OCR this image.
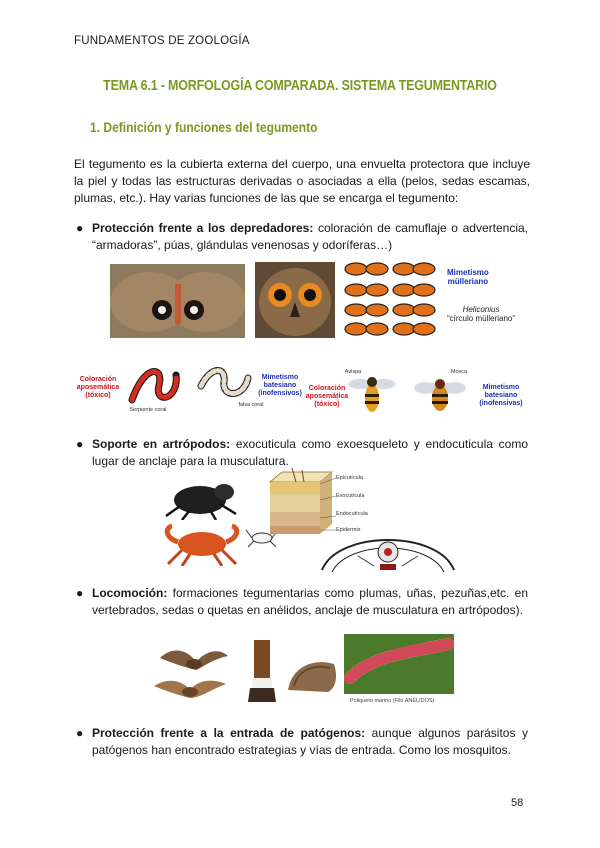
FUNDAMENTOS DE ZOOLOGÍA
TEMA 6.1 - MORFOLOGÍA COMPARADA. SISTEMA TEGUMENTARIO
1. Definición y funciones del tegumento
El tegumento es la cubierta externa del cuerpo, una envuelta protectora que incluye la piel y todas las estructuras derivadas o asociadas a ella (pelos, sedas escamas, plumas, etc.). Hay varias funciones de las que se encarga el tegumento:
● Protección frente a los depredadores: coloración de camuflaje o advertencia, “armadoras”, púas, glándulas venenosas y odoríferas…)
Mimetismo
mülleriano
Heliconius
“círculo mülleriano”
Coloración
aposemática
(tóxico)
Serpiente coral
falsa coral
Mimetismo
batesiano
(inofensivos)
Coloración
aposemática
(tóxico)
Avispa	Mosca
Mimetismo
batesiano
(inofensivas)
● Soporte en artrópodos: exocuticula como exoesqueleto y endocuticula como lugar de anclaje para la musculatura.
Epicutícula
Exocutícula
Endocutícula
Epidermis
● Locomoción: formaciones tegumentarias como plumas, uñas, pezuñas,etc. en vertebrados, sedas o quetas en anélidos, anclaje de musculatura en artrópodos).
Poliqueto marino (Filo ANÉLIDOS)
● Protección frente a la entrada de patógenos: aunque algunos parásitos y patógenos han encontrado estrategias y vías de entrada. Como los mosquitos.
58
